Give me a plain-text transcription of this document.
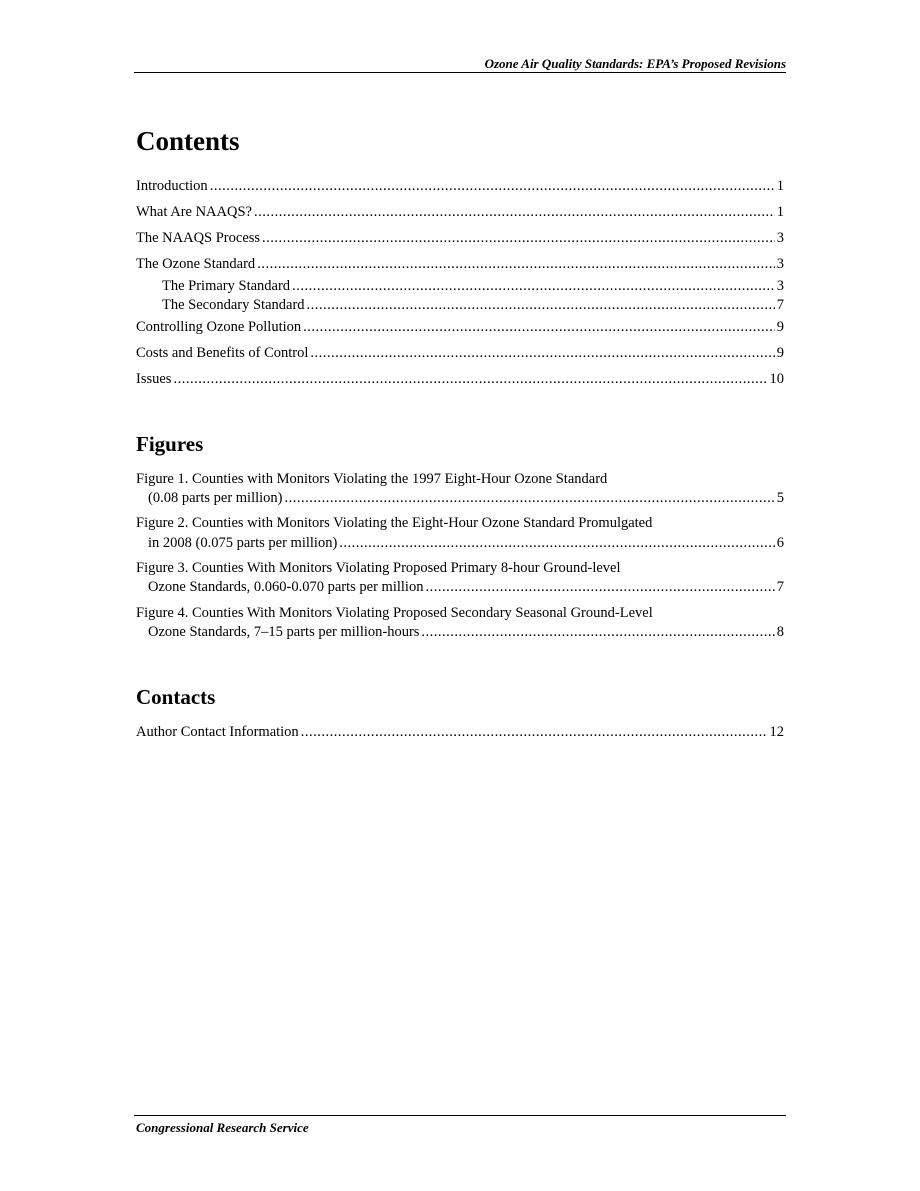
Ozone Air Quality Standards: EPA’s Proposed Revisions
Contents
Introduction .....	1
What Are NAAQS? .....	1
The NAAQS Process .....	3
The Ozone Standard .....	3
The Primary Standard .....	3
The Secondary Standard .....	7
Controlling Ozone Pollution .....	9
Costs and Benefits of Control .....	9
Issues .....	10
Figures
Figure 1. Counties with Monitors Violating the 1997 Eight-Hour Ozone Standard
(0.08 parts per million) .....	5
Figure 2. Counties with Monitors Violating the Eight-Hour Ozone Standard Promulgated
in 2008 (0.075 parts per million) .....	6
Figure 3. Counties With Monitors Violating Proposed Primary 8-hour Ground-level
Ozone Standards, 0.060-0.070 parts per million .....	7
Figure 4. Counties With Monitors Violating Proposed Secondary Seasonal Ground-Level
Ozone Standards, 7–15 parts per million-hours .....	8
Contacts
Author Contact Information .....	12
Congressional Research Service
